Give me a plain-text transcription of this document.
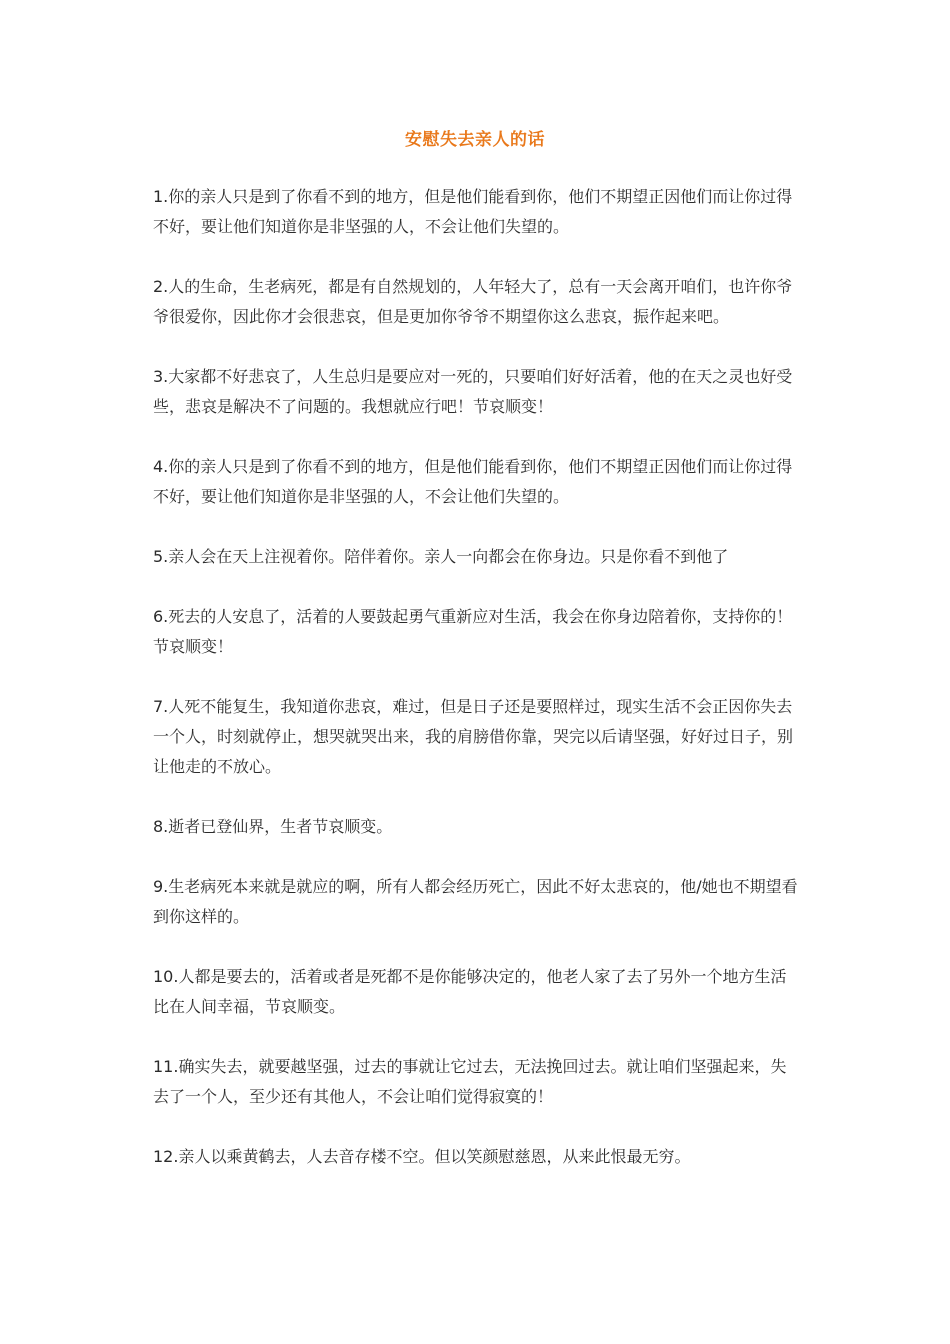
安慰失去亲人的话

1.你的亲人只是到了你看不到的地方，但是他们能看到你，他们不期望正因他们而让你过得不好，要让他们知道你是非坚强的人，不会让他们失望的。

2.人的生命，生老病死，都是有自然规划的，人年轻大了，总有一天会离开咱们，也许你爷爷很爱你，因此你才会很悲哀，但是更加你爷爷不期望你这么悲哀，振作起来吧。

3.大家都不好悲哀了，人生总归是要应对一死的，只要咱们好好活着，他的在天之灵也好受些，悲哀是解决不了问题的。我想就应行吧！节哀顺变！

4.你的亲人只是到了你看不到的地方，但是他们能看到你，他们不期望正因他们而让你过得不好，要让他们知道你是非坚强的人，不会让他们失望的。

5.亲人会在天上注视着你。陪伴着你。亲人一向都会在你身边。只是你看不到他了

6.死去的人安息了，活着的人要鼓起勇气重新应对生活，我会在你身边陪着你，支持你的！节哀顺变！

7.人死不能复生，我知道你悲哀，难过，但是日子还是要照样过，现实生活不会正因你失去一个人，时刻就停止，想哭就哭出来，我的肩膀借你靠，哭完以后请坚强，好好过日子，别让他走的不放心。

8.逝者已登仙界，生者节哀顺变。

9.生老病死本来就是就应的啊，所有人都会经历死亡，因此不好太悲哀的，他/她也不期望看到你这样的。

10.人都是要去的，活着或者是死都不是你能够决定的，他老人家了去了另外一个地方生活比在人间幸福，节哀顺变。

11.确实失去，就要越坚强，过去的事就让它过去，无法挽回过去。就让咱们坚强起来，失去了一个人，至少还有其他人，不会让咱们觉得寂寞的！

12.亲人以乘黄鹤去，人去音存楼不空。但以笑颜慰慈恩，从来此恨最无穷。
